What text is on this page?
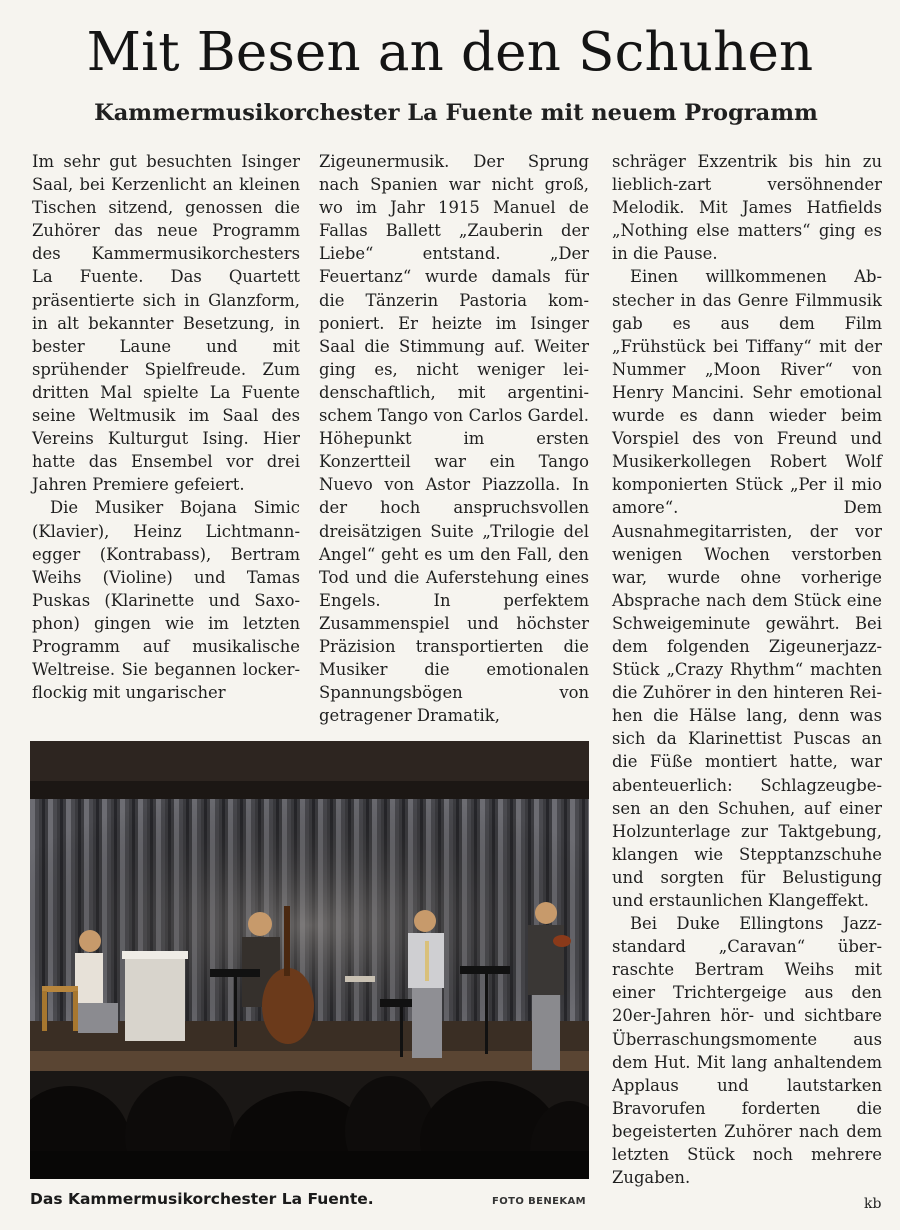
Mit Besen an den Schuhen
Kammermusikorchester La Fuente mit neuem Programm

Im sehr gut besuchten Isinger Saal, bei Kerzenlicht an kleinen Tischen sitzend, genossen die Zuhörer das neue Programm des Kammermusikorchesters La Fuente. Das Quartett präsentierte sich in Glanzform, in alt bekannter Besetzung, in bester Laune und mit sprühender Spielfreude. Zum dritten Mal spielte La Fuente seine Weltmusik im Saal des Vereins Kulturgut Ising. Hier hatte das Ensembel vor drei Jahren Premiere gefeiert.

Die Musiker Bojana Simic (Klavier), Heinz Lichtmannegger (Kontrabass), Bertram Weihs (Violine) und Tamas Puskas (Klarinette und Saxophon) gingen wie im letzten Programm auf musikalische Weltreise. Sie begannen locker-flockig mit ungarischer

Zigeunermusik. Der Sprung nach Spanien war nicht groß, wo im Jahr 1915 Manuel de Fallas Ballett „Zauberin der Liebe“ entstand. „Der Feuertanz“ wurde damals für die Tänzerin Pastoria komponiert. Er heizte im Isinger Saal die Stimmung auf. Weiter ging es, nicht weniger leidenschaftlich, mit argentinischem Tango von Carlos Gardel. Höhepunkt im ersten Konzertteil war ein Tango Nuevo von Astor Piazzolla. In der hoch anspruchsvollen dreisätzigen Suite „Trilogie del Angel“ geht es um den Fall, den Tod und die Auferstehung eines Engels. In perfektem Zusammenspiel und höchster Präzision transportierten die Musiker die emotionalen Spannungsbögen von getragener Dramatik,

schräger Exzentrik bis hin zu lieblich-zart versöhnender Melodik. Mit James Hatfields „Nothing else matters“ ging es in die Pause.

Einen willkommenen Abstecher in das Genre Filmmusik gab es aus dem Film „Frühstück bei Tiffany“ mit der Nummer „Moon River“ von Henry Mancini. Sehr emotional wurde es dann wieder beim Vorspiel des von Freund und Musikerkollegen Robert Wolf komponierten Stück „Per il mio amore“. Dem Ausnahmegitarristen, der vor wenigen Wochen verstorben war, wurde ohne vorherige Absprache nach dem Stück eine Schweigeminute gewährt. Bei dem folgenden Zigeunerjazz-Stück „Crazy Rhythm“ machten die Zuhörer in den hinteren Reihen die Hälse lang, denn was sich da Klarinettist Puscas an die Füße montiert hatte, war abenteuerlich: Schlagzeugbesen an den Schuhen, auf einer Holzunterlage zur Taktgebung, klangen wie Stepptanzschuhe und sorgten für Belustigung und erstaunlichen Klangeffekt.

Bei Duke Ellingtons Jazzstandard „Caravan“ überraschte Bertram Weihs mit einer Trichtergeige aus den 20er-Jahren hör- und sichtbare Überraschungsmomente aus dem Hut. Mit lang anhaltendem Applaus und lautstarken Bravorufen forderten die begeisterten Zuhörer nach dem letzten Stück noch mehrere Zugaben.

Das Kammermusikorchester La Fuente.	FOTO BENEKAM	kb
